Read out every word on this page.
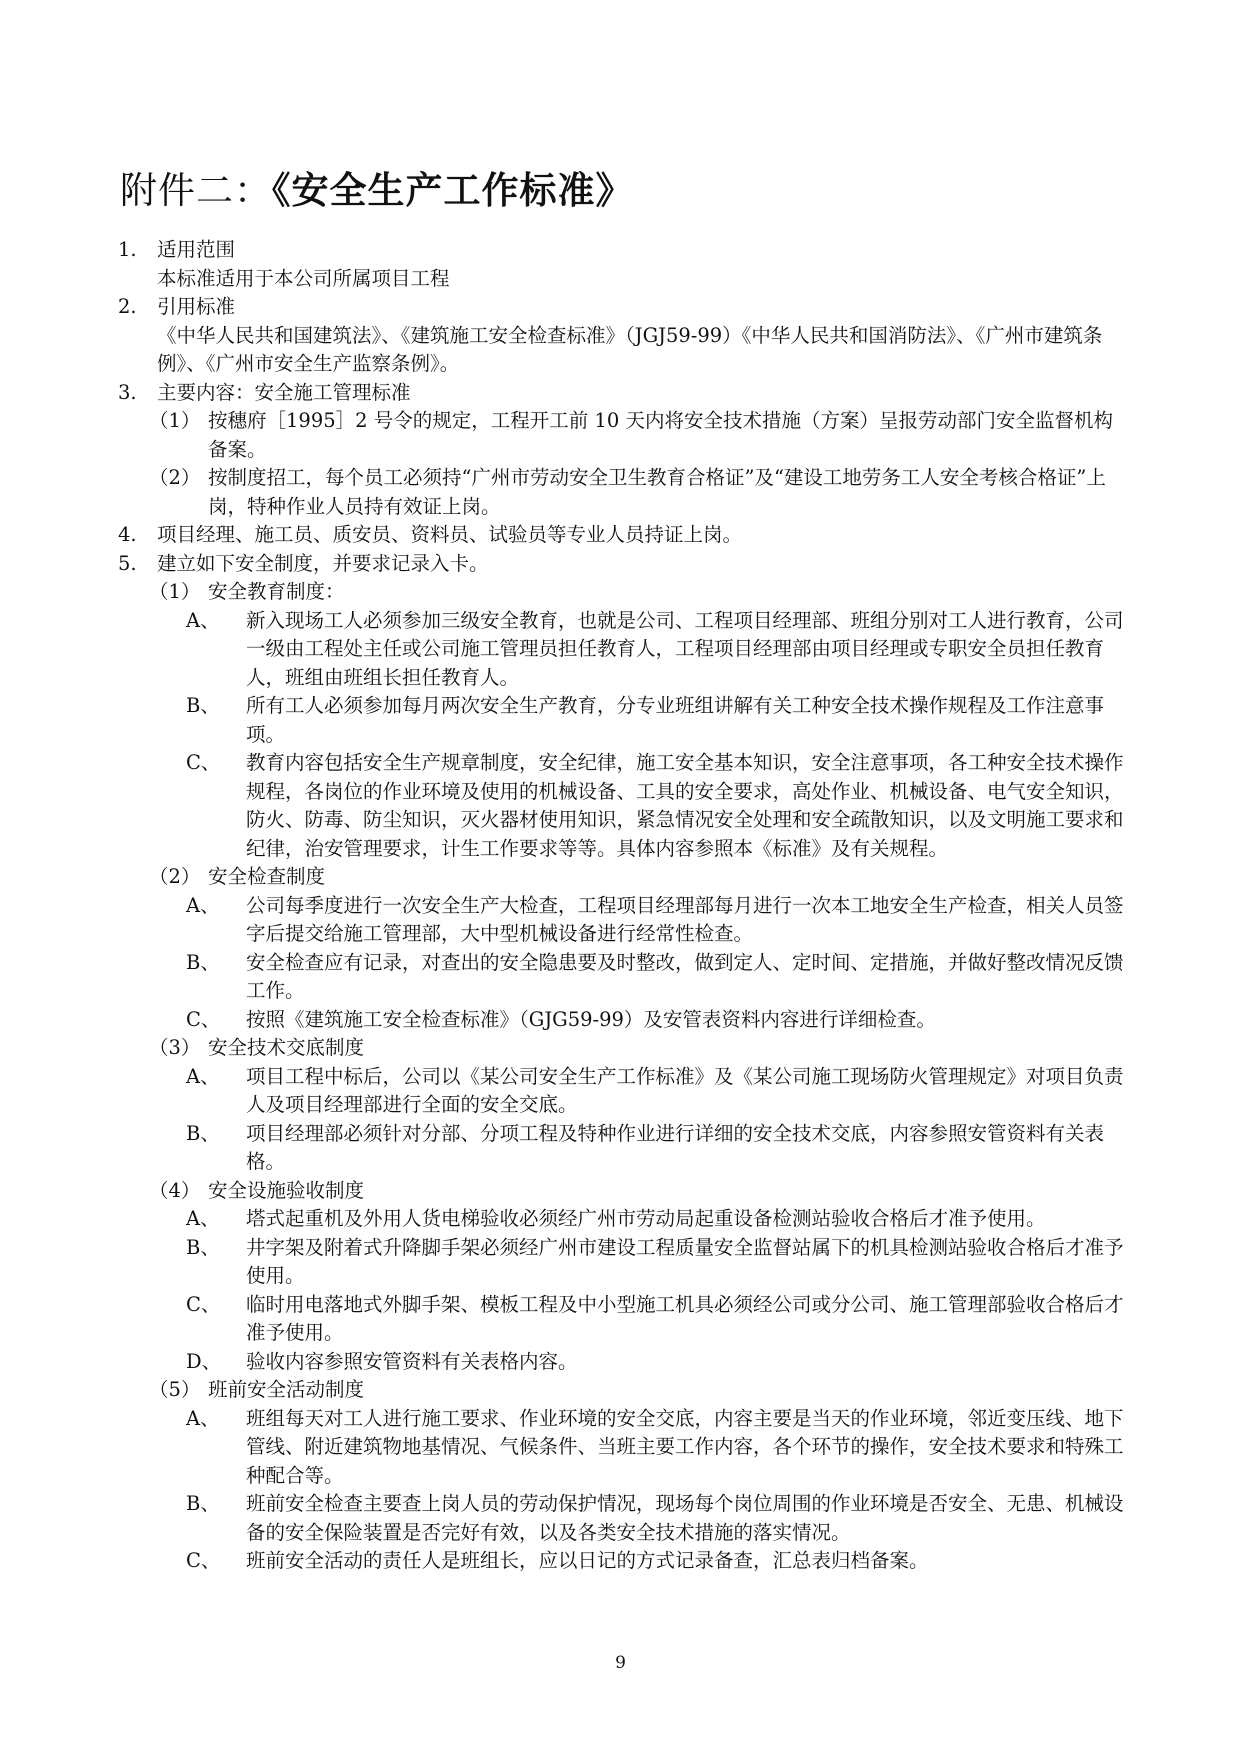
附件二：《安全生产工作标准》
1.	适用范围
本标准适用于本公司所属项目工程
2.	引用标准
《中华人民共和国建筑法》、《建筑施工安全检查标准》（JGJ59-99）《中华人民共和国消防法》、《广州市建筑条例》、《广州市安全生产监察条例》。
3.	主要内容：安全施工管理标准
（1） 按穗府［1995］2 号令的规定，工程开工前 10 天内将安全技术措施（方案）呈报劳动部门安全监督机构备案。
（2） 按制度招工，每个员工必须持“广州市劳动安全卫生教育合格证”及“建设工地劳务工人安全考核合格证”上岗，特种作业人员持有效证上岗。
4.	项目经理、施工员、质安员、资料员、试验员等专业人员持证上岗。
5.	建立如下安全制度，并要求记录入卡。
（1） 安全教育制度：
A、	新入现场工人必须参加三级安全教育，也就是公司、工程项目经理部、班组分别对工人进行教育，公司一级由工程处主任或公司施工管理员担任教育人，工程项目经理部由项目经理或专职安全员担任教育人，班组由班组长担任教育人。
B、	所有工人必须参加每月两次安全生产教育，分专业班组讲解有关工种安全技术操作规程及工作注意事项。
C、	教育内容包括安全生产规章制度，安全纪律，施工安全基本知识，安全注意事项，各工种安全技术操作规程，各岗位的作业环境及使用的机械设备、工具的安全要求，高处作业、机械设备、电气安全知识，防火、防毒、防尘知识，灭火器材使用知识，紧急情况安全处理和安全疏散知识，以及文明施工要求和纪律，治安管理要求，计生工作要求等等。具体内容参照本《标准》及有关规程。
（2） 安全检查制度
A、	公司每季度进行一次安全生产大检查，工程项目经理部每月进行一次本工地安全生产检查，相关人员签字后提交给施工管理部，大中型机械设备进行经常性检查。
B、	安全检查应有记录，对查出的安全隐患要及时整改，做到定人、定时间、定措施，并做好整改情况反馈工作。
C、	按照《建筑施工安全检查标准》（GJG59-99）及安管表资料内容进行详细检查。
（3） 安全技术交底制度
A、	项目工程中标后，公司以《某公司安全生产工作标准》及《某公司施工现场防火管理规定》对项目负责人及项目经理部进行全面的安全交底。
B、	项目经理部必须针对分部、分项工程及特种作业进行详细的安全技术交底，内容参照安管资料有关表格。
（4） 安全设施验收制度
A、	塔式起重机及外用人货电梯验收必须经广州市劳动局起重设备检测站验收合格后才准予使用。
B、	井字架及附着式升降脚手架必须经广州市建设工程质量安全监督站属下的机具检测站验收合格后才准予使用。
C、	临时用电落地式外脚手架、模板工程及中小型施工机具必须经公司或分公司、施工管理部验收合格后才准予使用。
D、	验收内容参照安管资料有关表格内容。
（5） 班前安全活动制度
A、	班组每天对工人进行施工要求、作业环境的安全交底，内容主要是当天的作业环境，邻近变压线、地下管线、附近建筑物地基情况、气候条件、当班主要工作内容，各个环节的操作，安全技术要求和特殊工种配合等。
B、	班前安全检查主要查上岗人员的劳动保护情况，现场每个岗位周围的作业环境是否安全、无患、机械设备的安全保险装置是否完好有效，以及各类安全技术措施的落实情况。
C、	班前安全活动的责任人是班组长，应以日记的方式记录备查，汇总表归档备案。
9
